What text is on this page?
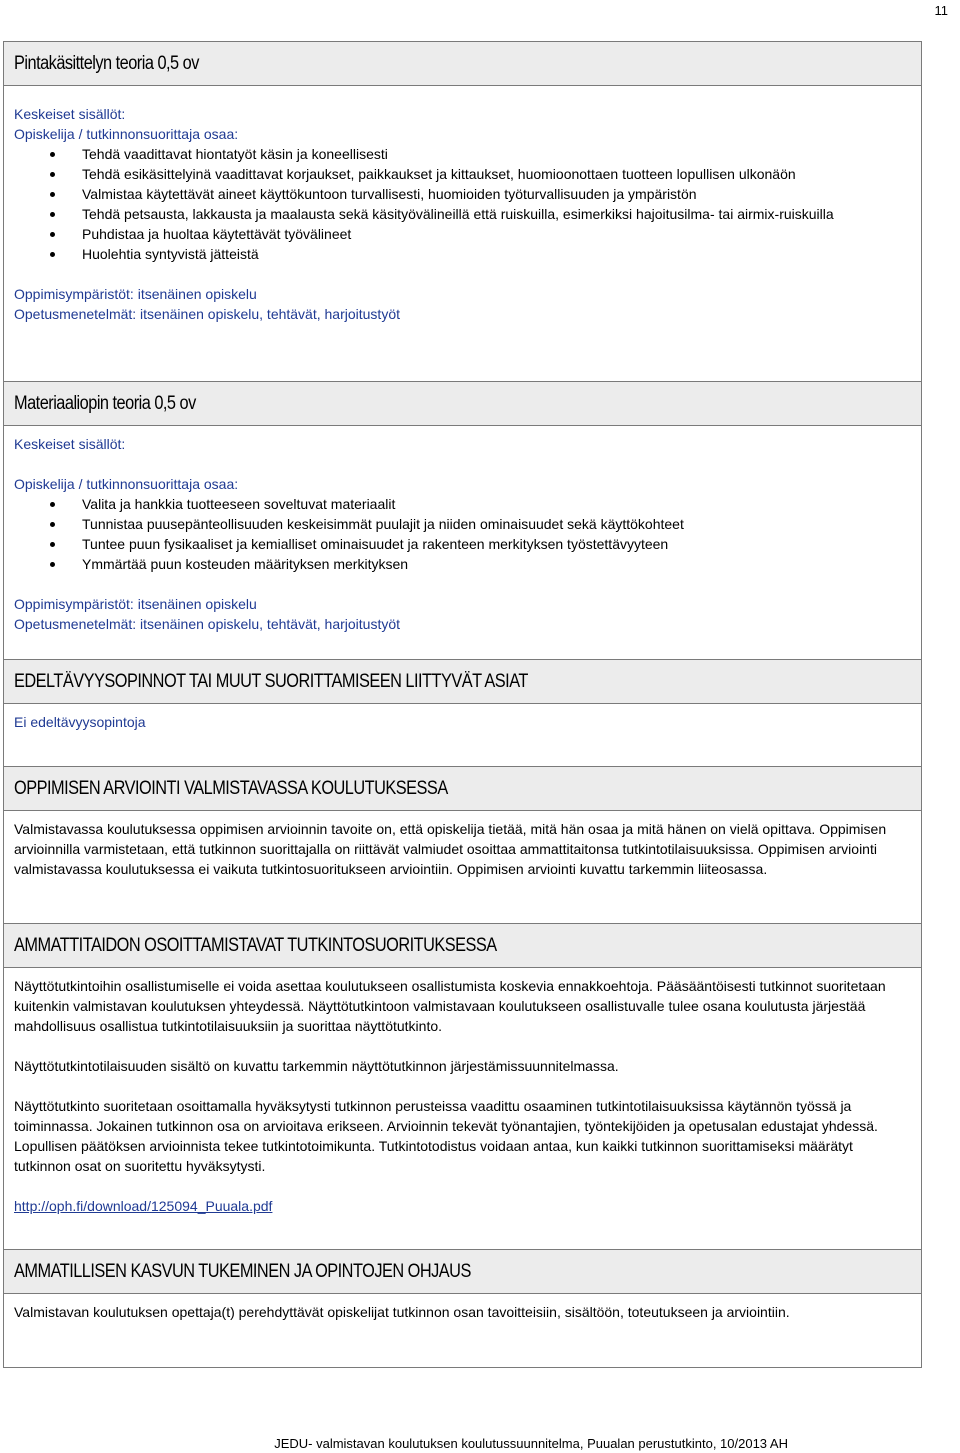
11
Pintakäsittelyn teoria 0,5 ov

Keskeiset sisällöt:

Opiskelija / tutkinnonsuorittaja osaa:

Tehdä vaadittavat hiontatyöt käsin ja koneellisesti
Tehdä esikäsittelyinä vaadittavat korjaukset, paikkaukset ja kittaukset, huomioonottaen tuotteen lopullisen ulkonäön
Valmistaa käytettävät aineet käyttökuntoon turvallisesti, huomioiden työturvallisuuden ja ympäristön
Tehdä petsausta, lakkausta ja maalausta sekä käsityövälineillä että ruiskuilla, esimerkiksi hajoitusilma- tai airmix-ruiskuilla
Puhdistaa ja huoltaa käytettävät työvälineet
Huolehtia syntyvistä jätteistä

Oppimisympäristöt: itsenäinen opiskelu

Opetusmenetelmät: itsenäinen opiskelu, tehtävät, harjoitustyöt

Materiaaliopin teoria 0,5 ov

Keskeiset sisällöt:

Opiskelija / tutkinnonsuorittaja osaa:

Valita ja hankkia tuotteeseen soveltuvat materiaalit
Tunnistaa puusepänteollisuuden keskeisimmät puulajit ja niiden ominaisuudet sekä käyttökohteet
Tuntee puun fysikaaliset ja kemialliset ominaisuudet ja rakenteen merkityksen työstettävyyteen
Ymmärtää puun kosteuden määrityksen merkityksen

Oppimisympäristöt: itsenäinen opiskelu

Opetusmenetelmät: itsenäinen opiskelu, tehtävät, harjoitustyöt

EDELTÄVYYSOPINNOT TAI MUUT SUORITTAMISEEN LIITTYVÄT ASIAT

Ei edeltävyysopintoja

OPPIMISEN ARVIOINTI VALMISTAVASSA KOULUTUKSESSA

Valmistavassa koulutuksessa oppimisen arvioinnin tavoite on, että opiskelija tietää, mitä hän osaa ja mitä hänen on vielä opittava. Oppimisen arvioinnilla varmistetaan, että tutkinnon suorittajalla on riittävät valmiudet osoittaa ammattitaitonsa tutkintotilaisuuksissa. Oppimisen arviointi valmistavassa koulutuksessa ei vaikuta tutkintosuoritukseen arviointiin. Oppimisen arviointi kuvattu tarkemmin liiteosassa.

AMMATTITAIDON OSOITTAMISTAVAT TUTKINTOSUORITUKSESSA

Näyttötutkintoihin osallistumiselle ei voida asettaa koulutukseen osallistumista koskevia ennakkoehtoja. Pääsääntöisesti tutkinnot suoritetaan kuitenkin valmistavan koulutuksen yhteydessä. Näyttötutkintoon valmistavaan koulutukseen osallistuvalle tulee osana koulutusta järjestää mahdollisuus osallistua tutkintotilaisuuksiin ja suorittaa näyttötutkinto.

Näyttötutkintotilaisuuden sisältö on kuvattu tarkemmin näyttötutkinnon järjestämissuunnitelmassa.

Näyttötutkinto suoritetaan osoittamalla hyväksytysti tutkinnon perusteissa vaadittu osaaminen tutkintotilaisuuksissa käytännön työssä ja toiminnassa. Jokainen tutkinnon osa on arvioitava erikseen. Arvioinnin tekevät työnantajien, työntekijöiden ja opetusalan edustajat yhdessä. Lopullisen päätöksen arvioinnista tekee tutkintotoimikunta. Tutkintotodistus voidaan antaa, kun kaikki tutkinnon suorittamiseksi määrätyt tutkinnon osat on suoritettu hyväksytysti.

http://oph.fi/download/125094_Puuala.pdf

AMMATILLISEN KASVUN TUKEMINEN JA OPINTOJEN OHJAUS

Valmistavan koulutuksen opettaja(t) perehdyttävät opiskelijat tutkinnon osan tavoitteisiin, sisältöön, toteutukseen ja arviointiin.

JEDU- valmistavan koulutuksen koulutussuunnitelma, Puualan perustutkinto, 10/2013 AH
